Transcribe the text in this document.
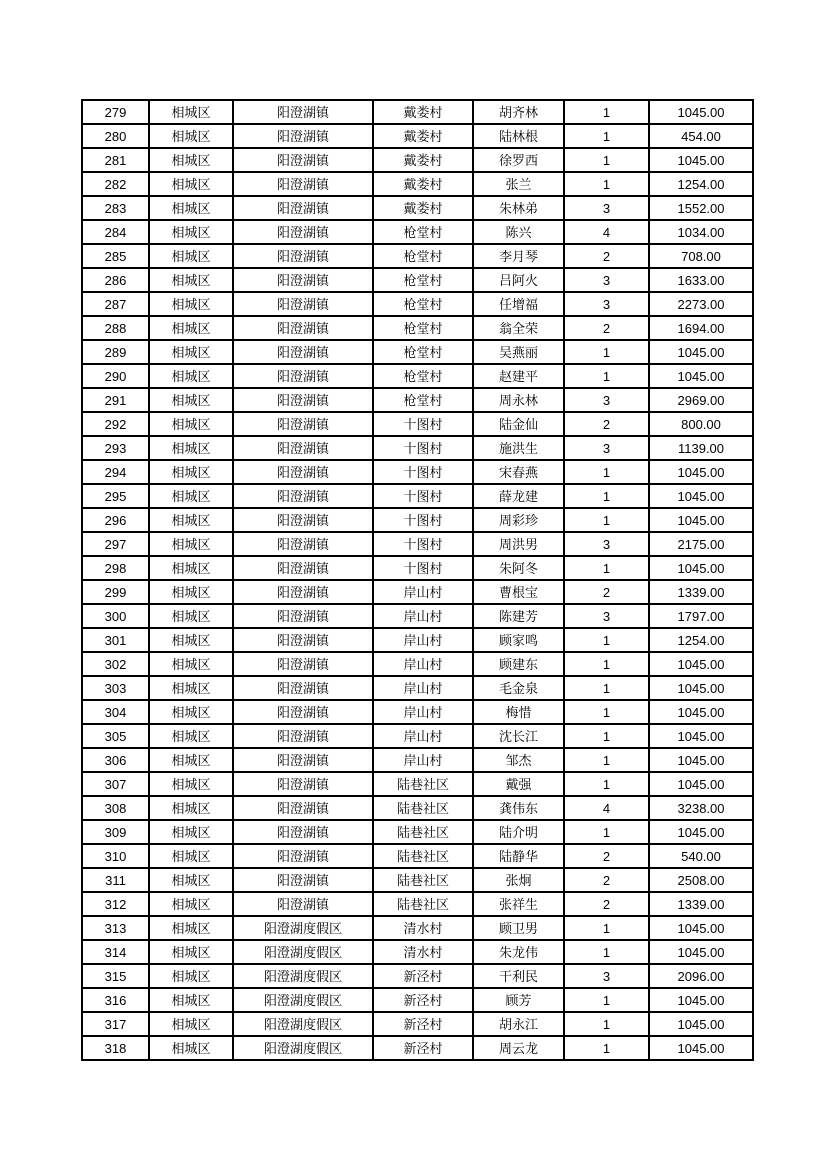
279	相城区	阳澄湖镇	戴娄村	胡齐林	1	1045.00
280	相城区	阳澄湖镇	戴娄村	陆林根	1	454.00
281	相城区	阳澄湖镇	戴娄村	徐罗西	1	1045.00
282	相城区	阳澄湖镇	戴娄村	张兰	1	1254.00
283	相城区	阳澄湖镇	戴娄村	朱林弟	3	1552.00
284	相城区	阳澄湖镇	枪堂村	陈兴	4	1034.00
285	相城区	阳澄湖镇	枪堂村	李月琴	2	708.00
286	相城区	阳澄湖镇	枪堂村	吕阿火	3	1633.00
287	相城区	阳澄湖镇	枪堂村	任增福	3	2273.00
288	相城区	阳澄湖镇	枪堂村	翁全荣	2	1694.00
289	相城区	阳澄湖镇	枪堂村	吴燕丽	1	1045.00
290	相城区	阳澄湖镇	枪堂村	赵建平	1	1045.00
291	相城区	阳澄湖镇	枪堂村	周永林	3	2969.00
292	相城区	阳澄湖镇	十图村	陆金仙	2	800.00
293	相城区	阳澄湖镇	十图村	施洪生	3	1139.00
294	相城区	阳澄湖镇	十图村	宋春燕	1	1045.00
295	相城区	阳澄湖镇	十图村	薛龙建	1	1045.00
296	相城区	阳澄湖镇	十图村	周彩珍	1	1045.00
297	相城区	阳澄湖镇	十图村	周洪男	3	2175.00
298	相城区	阳澄湖镇	十图村	朱阿冬	1	1045.00
299	相城区	阳澄湖镇	岸山村	曹根宝	2	1339.00
300	相城区	阳澄湖镇	岸山村	陈建芳	3	1797.00
301	相城区	阳澄湖镇	岸山村	顾家鸣	1	1254.00
302	相城区	阳澄湖镇	岸山村	顾建东	1	1045.00
303	相城区	阳澄湖镇	岸山村	毛金泉	1	1045.00
304	相城区	阳澄湖镇	岸山村	梅惜	1	1045.00
305	相城区	阳澄湖镇	岸山村	沈长江	1	1045.00
306	相城区	阳澄湖镇	岸山村	邹杰	1	1045.00
307	相城区	阳澄湖镇	陆巷社区	戴强	1	1045.00
308	相城区	阳澄湖镇	陆巷社区	龚伟东	4	3238.00
309	相城区	阳澄湖镇	陆巷社区	陆介明	1	1045.00
310	相城区	阳澄湖镇	陆巷社区	陆静华	2	540.00
311	相城区	阳澄湖镇	陆巷社区	张炯	2	2508.00
312	相城区	阳澄湖镇	陆巷社区	张祥生	2	1339.00
313	相城区	阳澄湖度假区	清水村	顾卫男	1	1045.00
314	相城区	阳澄湖度假区	清水村	朱龙伟	1	1045.00
315	相城区	阳澄湖度假区	新泾村	干利民	3	2096.00
316	相城区	阳澄湖度假区	新泾村	顾芳	1	1045.00
317	相城区	阳澄湖度假区	新泾村	胡永江	1	1045.00
318	相城区	阳澄湖度假区	新泾村	周云龙	1	1045.00
